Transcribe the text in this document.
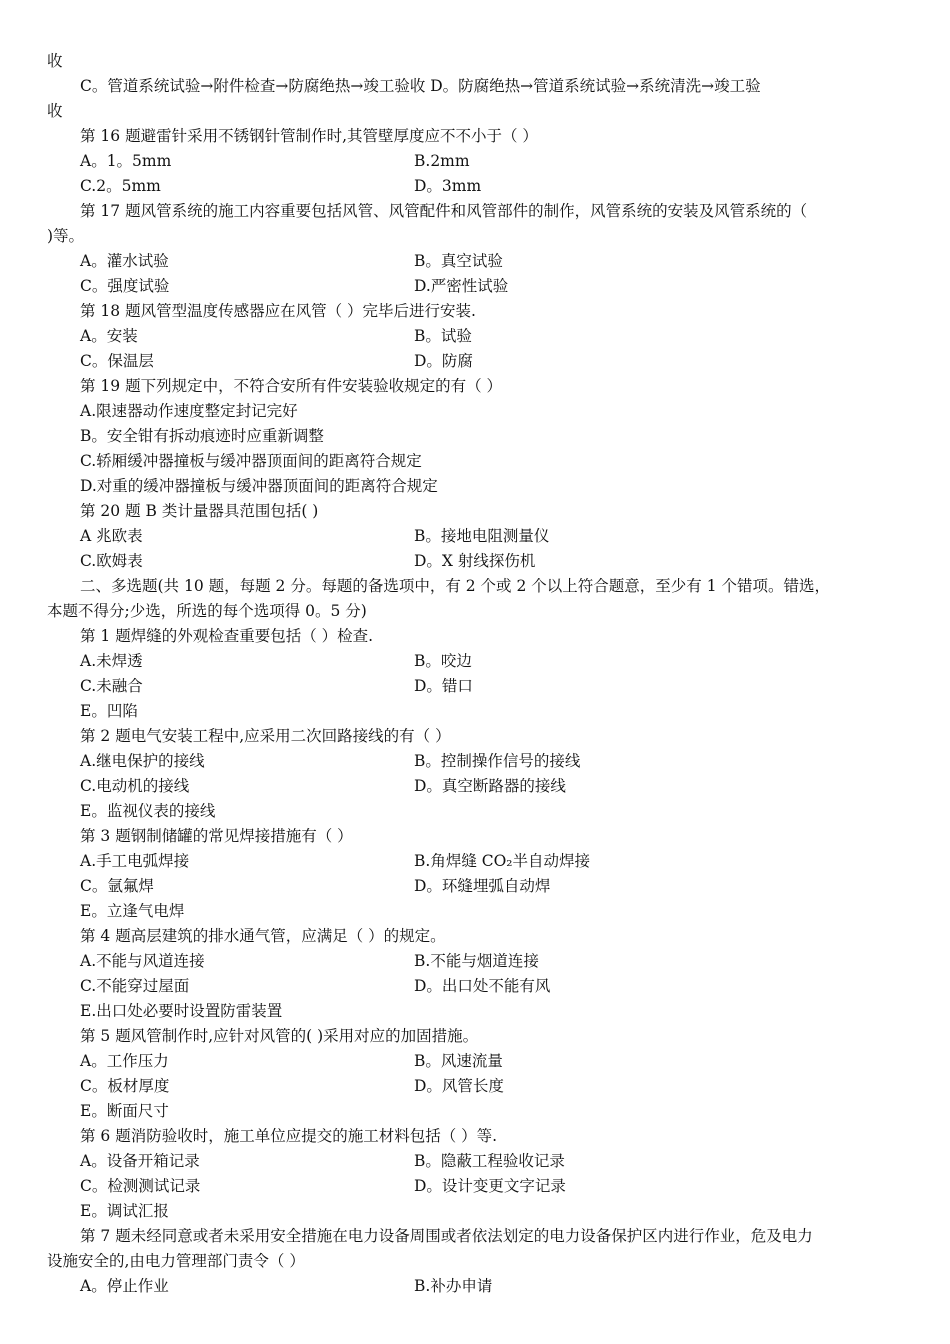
收
C。管道系统试验→附件检查→防腐绝热→竣工验收 D。防腐绝热→管道系统试验→系统清洗→竣工验
收
第 16 题避雷针采用不锈钢针管制作时,其管壁厚度应不不小于（ ）
A。1。5mm	B.2mm
C.2。5mm	D。3mm
第 17 题风管系统的施工内容重要包括风管、风管配件和风管部件的制作，风管系统的安装及风管系统的（
)等。
A。灌水试验	B。真空试验
C。强度试验	D.严密性试验
第 18 题风管型温度传感器应在风管（ ）完毕后进行安装.
A。安装	B。试验
C。保温层	D。防腐
第 19 题下列规定中，不符合安所有件安装验收规定的有（ ）
A.限速器动作速度整定封记完好
B。安全钳有拆动痕迹时应重新调整
C.轿厢缓冲器撞板与缓冲器顶面间的距离符合规定
D.对重的缓冲器撞板与缓冲器顶面间的距离符合规定
第 20 题 B 类计量器具范围包括( )
A 兆欧表	B。接地电阻测量仪
C.欧姆表	D。X 射线探伤机
二、多选题(共 10 题，每题 2 分。每题的备选项中，有 2 个或 2 个以上符合题意，至少有 1 个错项。错选，
本题不得分;少选，所选的每个选项得 0。5 分)
第 1 题焊缝的外观检查重要包括（ ）检查.
A.未焊透	B。咬边
C.未融合	D。错口
E。凹陷
第 2 题电气安装工程中,应采用二次回路接线的有（ ）
A.继电保护的接线	B。控制操作信号的接线
C.电动机的接线	D。真空断路器的接线
E。监视仪表的接线
第 3 题钢制储罐的常见焊接措施有（ ）
A.手工电弧焊接	B.角焊缝 CO₂半自动焊接
C。氩氟焊	D。环缝埋弧自动焊
E。立逢气电焊
第 4 题高层建筑的排水通气管，应满足（ ）的规定。
A.不能与风道连接	B.不能与烟道连接
C.不能穿过屋面	D。出口处不能有风
E.出口处必要时设置防雷装置
第 5 题风管制作时,应针对风管的( )采用对应的加固措施。
A。工作压力	B。风速流量
C。板材厚度	D。风管长度
E。断面尺寸
第 6 题消防验收时，施工单位应提交的施工材料包括（ ）等.
A。设备开箱记录	B。隐蔽工程验收记录
C。检测测试记录	D。设计变更文字记录
E。调试汇报
第 7 题未经同意或者未采用安全措施在电力设备周围或者依法划定的电力设备保护区内进行作业，危及电力
设施安全的,由电力管理部门责令（ ）
A。停止作业	B.补办申请
